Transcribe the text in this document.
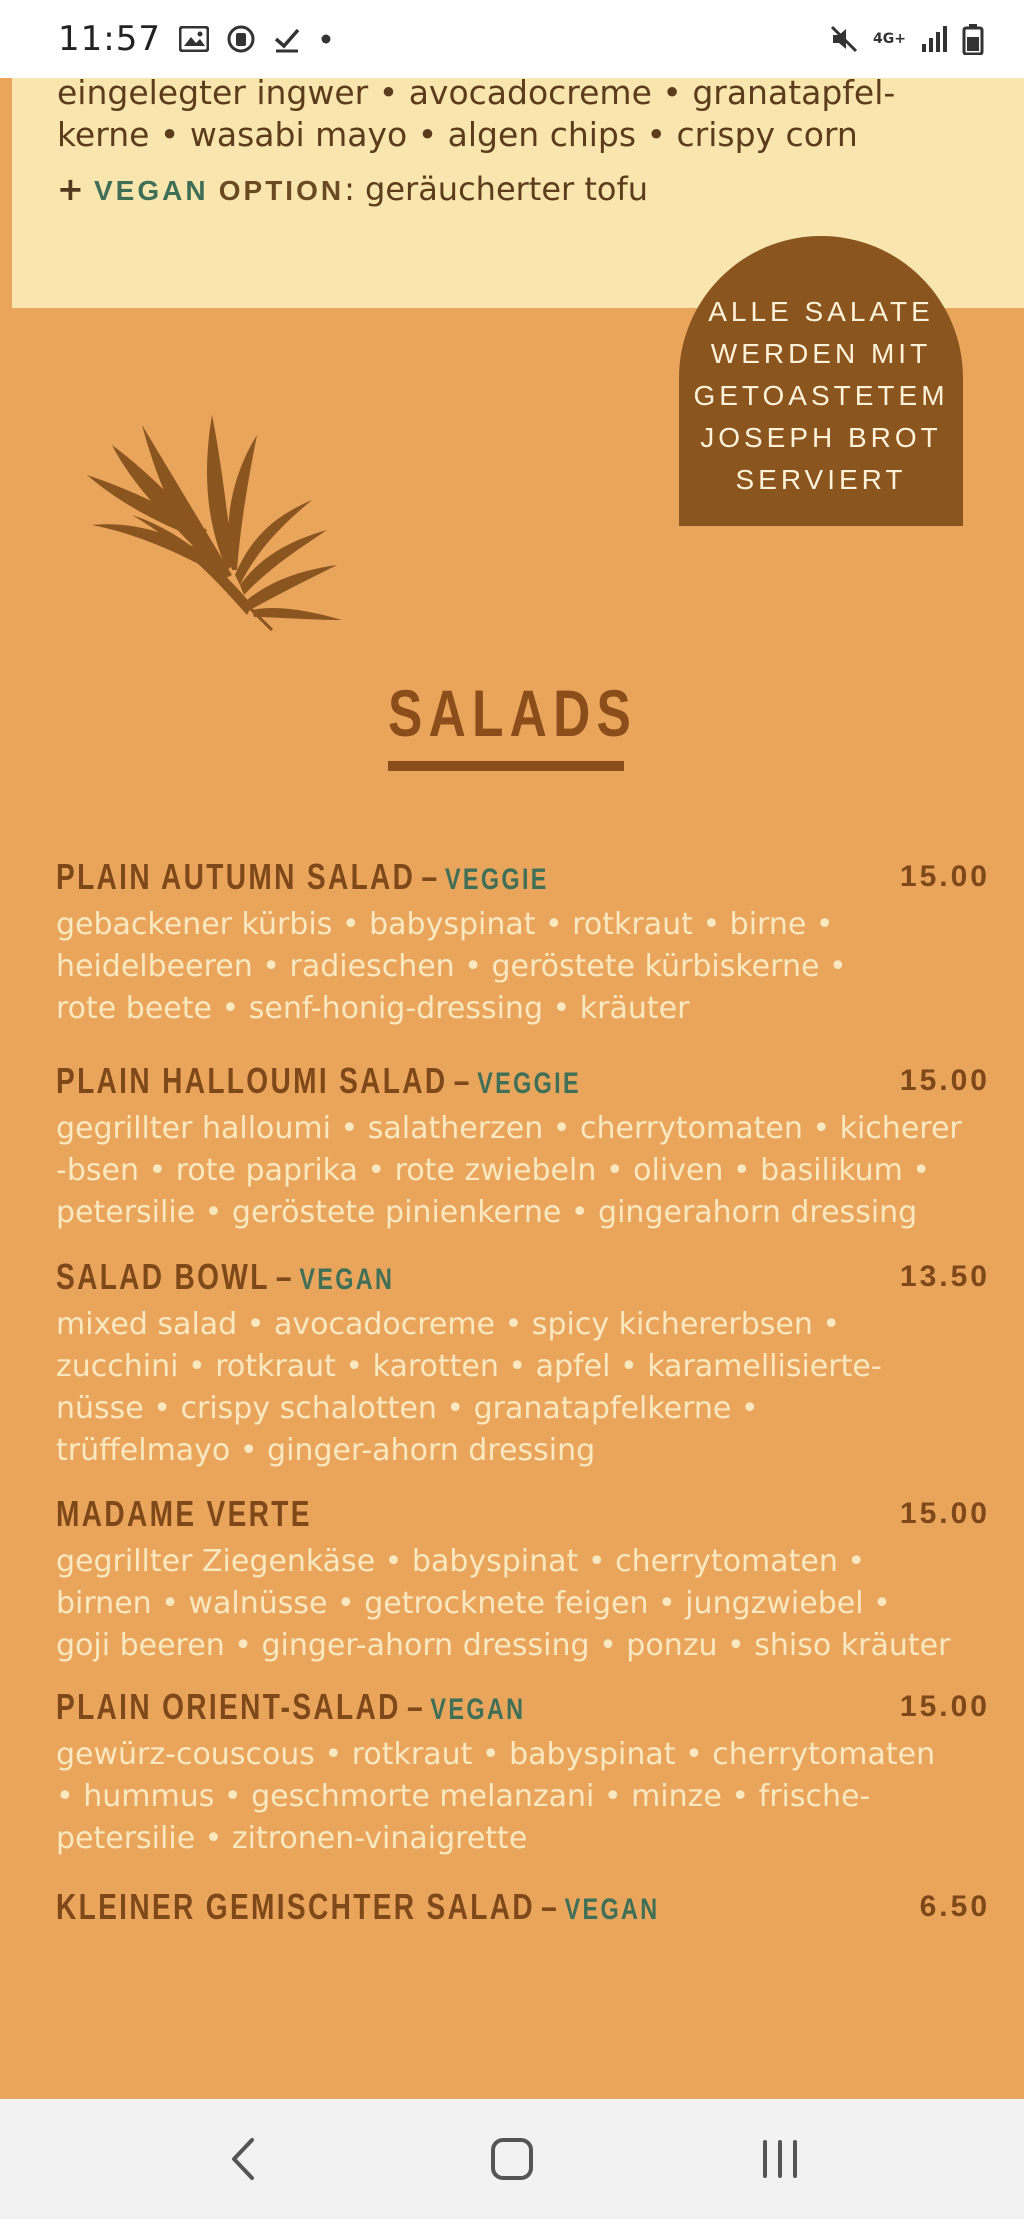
11:57	4G+
eingelegter ingwer • avocadocreme • granatapfel-
kerne • wasabi mayo • algen chips • crispy corn
+ VEGAN OPTION: geräucherter tofu
ALLE SALATE
WERDEN MIT
GETOASTETEM
JOSEPH BROT
SERVIERT
SALADS
PLAIN AUTUMN SALAD – VEGGIE	15.00
gebackener kürbis • babyspinat • rotkraut • birne •
heidelbeeren • radieschen • geröstete kürbiskerne •
rote beete • senf-honig-dressing • kräuter
PLAIN HALLOUMI SALAD – VEGGIE	15.00
gegrillter halloumi • salatherzen • cherrytomaten • kicherer
-bsen • rote paprika • rote zwiebeln • oliven • basilikum •
petersilie • geröstete pinienkerne • gingerahorn dressing
SALAD BOWL – VEGAN	13.50
mixed salad • avocadocreme • spicy kichererbsen •
zucchini • rotkraut • karotten • apfel • karamellisierte-
nüsse • crispy schalotten • granatapfelkerne •
trüffelmayo • ginger-ahorn dressing
MADAME VERTE	15.00
gegrillter Ziegenkäse • babyspinat • cherrytomaten •
birnen • walnüsse • getrocknete feigen • jungzwiebel •
goji beeren • ginger-ahorn dressing • ponzu • shiso kräuter
PLAIN ORIENT-SALAD – VEGAN	15.00
gewürz-couscous • rotkraut • babyspinat • cherrytomaten
• hummus • geschmorte melanzani • minze • frische-
petersilie • zitronen-vinaigrette
KLEINER GEMISCHTER SALAD – VEGAN	6.50
